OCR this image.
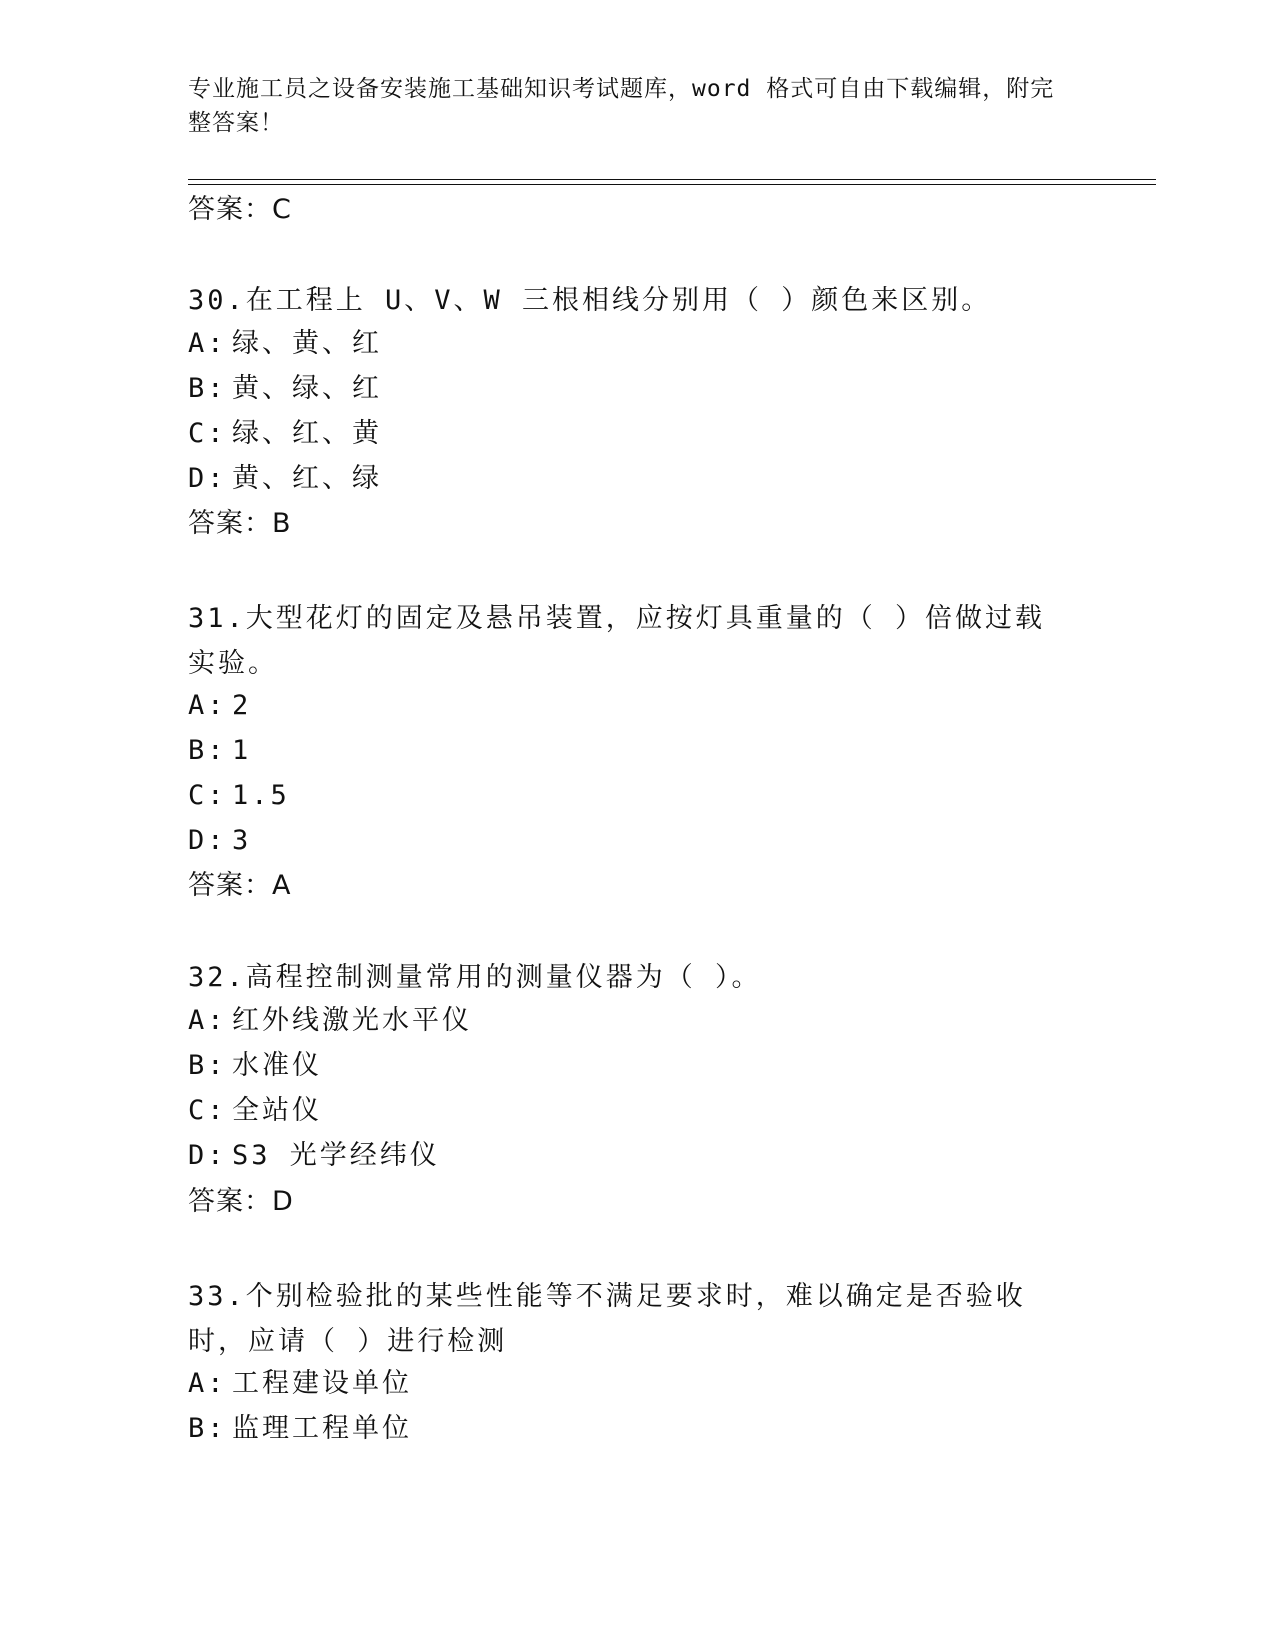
专业施工员之设备安装施工基础知识考试题库，word 格式可自由下载编辑，附完整答案！

答案：C

30.在工程上 U、V、W 三根相线分别用（ ）颜色来区别。

A: 绿、黄、红

B: 黄、绿、红

C: 绿、红、黄

D: 黄、红、绿

答案：B

31.大型花灯的固定及悬吊装置，应按灯具重量的（ ）倍做过载实验。

A: 2

B: 1

C: 1.5

D: 3

答案：A

32.高程控制测量常用的测量仪器为（ ）。

A: 红外线激光水平仪

B: 水准仪

C: 全站仪

D: S3 光学经纬仪

答案：D

33.个别检验批的某些性能等不满足要求时，难以确定是否验收时，应请（ ）进行检测

A: 工程建设单位

B: 监理工程单位
